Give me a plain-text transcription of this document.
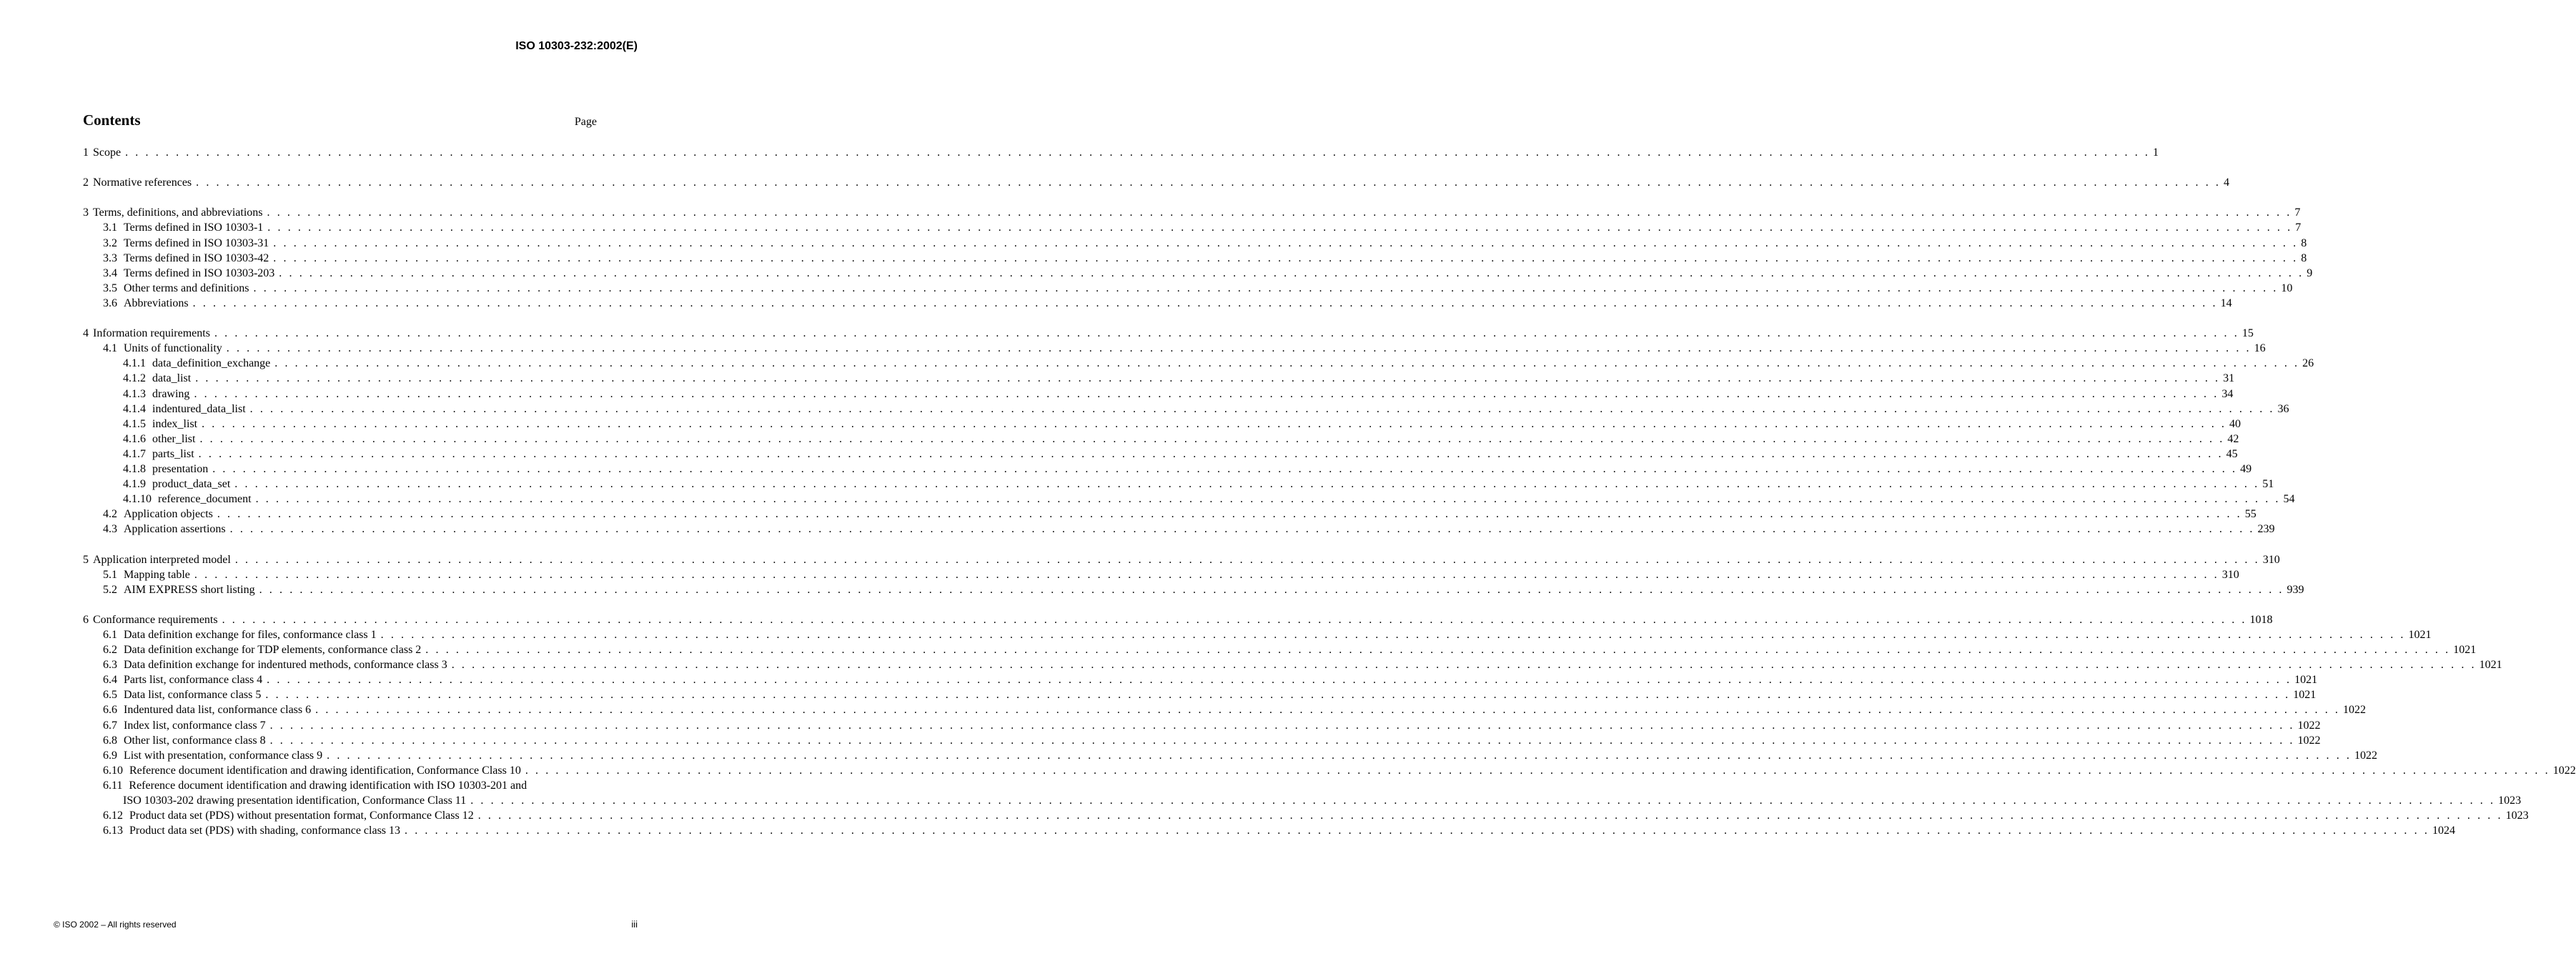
ISO 10303-232:2002(E)
Contents	Page
1 Scope . . . . . . . . . . . . . . . . . . . . . . . . . . . . . . . . . . . . . . . . . . . . . . . . . . . . . . . . . . . . . . . . . . . . . . . . . . . . . . . . . . . . . . . . . . . . . . . . . . . . . . . . . . . . . . . . . . . . . . . . . . . . . . . . . . . . . . . . . . . . . . . . . . . . . . . . . . . . . . . . . . . . . . . . . . . . . . . . . . . . . . . . . . . . . . . . . . . . . . . . 1
2 Normative references . . . . . . . . . . . . . . . . . . . . . . . . . . . . . . . . . . . . . . . . . . . . . . . . . . . . . . . . . . . . . . . . . . . . . . . . . . . . . . . . . . . . . . . . . . . . . . . . . . . . . . . . . . . . . . . . . . . . . . . . . . . . . . . . . . . . . . . . . . . . . . . . . . . . . . . . . . . . . . . . . . . . . . . . . . . . . . . . . . . . . . . . . . . . . . . . . . . . . . . . 4
3 Terms, definitions, and abbreviations . . . . . . . . . . . . . . . . . . . . . . . . . . . . . . . . . . . . . . . . . . . . . . . . . . . . . . . . . . . . . . . . . . . . . . . . . . . . . . . . . . . . . . . . . . . . . . . . . . . . . . . . . . . . . . . . . . . . . . . . . . . . . . . . . . . . . . . . . . . . . . . . . . . . . . . . . . . . . . . . . . . . . . . . . . . . . . . . . . . . . . . . . . . . . . . . . . . . . . . . 7
3.1 Terms defined in ISO 10303-1 . . . . . . . . . . . . . . . . . . . . . . . . . . . . . . . . . . . . . . . . . . . . . . . . . . . . . . . . . . . . . . . . . . . . . . . . . . . . . . . . . . . . . . . . . . . . . . . . . . . . . . . . . . . . . . . . . . . . . . . . . . . . . . . . . . . . . . . . . . . . . . . . . . . . . . . . . . . . . . . . . . . . . . . . . . . . . . . . . . . . . . . . . . . . . . . . . . . . . . . . 7
3.2 Terms defined in ISO 10303-31 . . . . . . . . . . . . . . . . . . . . . . . . . . . . . . . . . . . . . . . . . . . . . . . . . . . . . . . . . . . . . . . . . . . . . . . . . . . . . . . . . . . . . . . . . . . . . . . . . . . . . . . . . . . . . . . . . . . . . . . . . . . . . . . . . . . . . . . . . . . . . . . . . . . . . . . . . . . . . . . . . . . . . . . . . . . . . . . . . . . . . . . . . . . . . . . . . . . . . . . . 8
3.3 Terms defined in ISO 10303-42 . . . . . . . . . . . . . . . . . . . . . . . . . . . . . . . . . . . . . . . . . . . . . . . . . . . . . . . . . . . . . . . . . . . . . . . . . . . . . . . . . . . . . . . . . . . . . . . . . . . . . . . . . . . . . . . . . . . . . . . . . . . . . . . . . . . . . . . . . . . . . . . . . . . . . . . . . . . . . . . . . . . . . . . . . . . . . . . . . . . . . . . . . . . . . . . . . . . . . . . . 8
3.4 Terms defined in ISO 10303-203 . . . . . . . . . . . . . . . . . . . . . . . . . . . . . . . . . . . . . . . . . . . . . . . . . . . . . . . . . . . . . . . . . . . . . . . . . . . . . . . . . . . . . . . . . . . . . . . . . . . . . . . . . . . . . . . . . . . . . . . . . . . . . . . . . . . . . . . . . . . . . . . . . . . . . . . . . . . . . . . . . . . . . . . . . . . . . . . . . . . . . . . . . . . . . . . . . . . . . . . . 9
3.5 Other terms and definitions . . . . . . . . . . . . . . . . . . . . . . . . . . . . . . . . . . . . . . . . . . . . . . . . . . . . . . . . . . . . . . . . . . . . . . . . . . . . . . . . . . . . . . . . . . . . . . . . . . . . . . . . . . . . . . . . . . . . . . . . . . . . . . . . . . . . . . . . . . . . . . . . . . . . . . . . . . . . . . . . . . . . . . . . . . . . . . . . . . . . . . . . . . . . . . . . . . . . . . . . 10
3.6 Abbreviations . . . . . . . . . . . . . . . . . . . . . . . . . . . . . . . . . . . . . . . . . . . . . . . . . . . . . . . . . . . . . . . . . . . . . . . . . . . . . . . . . . . . . . . . . . . . . . . . . . . . . . . . . . . . . . . . . . . . . . . . . . . . . . . . . . . . . . . . . . . . . . . . . . . . . . . . . . . . . . . . . . . . . . . . . . . . . . . . . . . . . . . . . . . . . . . . . . . . . . . . 14
4 Information requirements . . . . . . . . . . . . . . . . . . . . . . . . . . . . . . . . . . . . . . . . . . . . . . . . . . . . . . . . . . . . . . . . . . . . . . . . . . . . . . . . . . . . . . . . . . . . . . . . . . . . . . . . . . . . . . . . . . . . . . . . . . . . . . . . . . . . . . . . . . . . . . . . . . . . . . . . . . . . . . . . . . . . . . . . . . . . . . . . . . . . . . . . . . . . . . . . . . . . . . . . 15
4.1 Units of functionality . . . . . . . . . . . . . . . . . . . . . . . . . . . . . . . . . . . . . . . . . . . . . . . . . . . . . . . . . . . . . . . . . . . . . . . . . . . . . . . . . . . . . . . . . . . . . . . . . . . . . . . . . . . . . . . . . . . . . . . . . . . . . . . . . . . . . . . . . . . . . . . . . . . . . . . . . . . . . . . . . . . . . . . . . . . . . . . . . . . . . . . . . . . . . . . . . . . . . . . . 16
4.1.1 data_definition_exchange . . . . . . . . . . . . . . . . . . . . . . . . . . . . . . . . . . . . . . . . . . . . . . . . . . . . . . . . . . . . . . . . . . . . . . . . . . . . . . . . . . . . . . . . . . . . . . . . . . . . . . . . . . . . . . . . . . . . . . . . . . . . . . . . . . . . . . . . . . . . . . . . . . . . . . . . . . . . . . . . . . . . . . . . . . . . . . . . . . . . . . . . . . . . . . . . . . . . . . . . 26
4.1.2 data_list . . . . . . . . . . . . . . . . . . . . . . . . . . . . . . . . . . . . . . . . . . . . . . . . . . . . . . . . . . . . . . . . . . . . . . . . . . . . . . . . . . . . . . . . . . . . . . . . . . . . . . . . . . . . . . . . . . . . . . . . . . . . . . . . . . . . . . . . . . . . . . . . . . . . . . . . . . . . . . . . . . . . . . . . . . . . . . . . . . . . . . . . . . . . . . . . . . . . . . . . 31
4.1.3 drawing . . . . . . . . . . . . . . . . . . . . . . . . . . . . . . . . . . . . . . . . . . . . . . . . . . . . . . . . . . . . . . . . . . . . . . . . . . . . . . . . . . . . . . . . . . . . . . . . . . . . . . . . . . . . . . . . . . . . . . . . . . . . . . . . . . . . . . . . . . . . . . . . . . . . . . . . . . . . . . . . . . . . . . . . . . . . . . . . . . . . . . . . . . . . . . . . . . . . . . . . 34
4.1.4 indentured_data_list . . . . . . . . . . . . . . . . . . . . . . . . . . . . . . . . . . . . . . . . . . . . . . . . . . . . . . . . . . . . . . . . . . . . . . . . . . . . . . . . . . . . . . . . . . . . . . . . . . . . . . . . . . . . . . . . . . . . . . . . . . . . . . . . . . . . . . . . . . . . . . . . . . . . . . . . . . . . . . . . . . . . . . . . . . . . . . . . . . . . . . . . . . . . . . . . . . . . . . . . 36
4.1.5 index_list . . . . . . . . . . . . . . . . . . . . . . . . . . . . . . . . . . . . . . . . . . . . . . . . . . . . . . . . . . . . . . . . . . . . . . . . . . . . . . . . . . . . . . . . . . . . . . . . . . . . . . . . . . . . . . . . . . . . . . . . . . . . . . . . . . . . . . . . . . . . . . . . . . . . . . . . . . . . . . . . . . . . . . . . . . . . . . . . . . . . . . . . . . . . . . . . . . . . . . . . 40
4.1.6 other_list . . . . . . . . . . . . . . . . . . . . . . . . . . . . . . . . . . . . . . . . . . . . . . . . . . . . . . . . . . . . . . . . . . . . . . . . . . . . . . . . . . . . . . . . . . . . . . . . . . . . . . . . . . . . . . . . . . . . . . . . . . . . . . . . . . . . . . . . . . . . . . . . . . . . . . . . . . . . . . . . . . . . . . . . . . . . . . . . . . . . . . . . . . . . . . . . . . . . . . . . 42
4.1.7 parts_list . . . . . . . . . . . . . . . . . . . . . . . . . . . . . . . . . . . . . . . . . . . . . . . . . . . . . . . . . . . . . . . . . . . . . . . . . . . . . . . . . . . . . . . . . . . . . . . . . . . . . . . . . . . . . . . . . . . . . . . . . . . . . . . . . . . . . . . . . . . . . . . . . . . . . . . . . . . . . . . . . . . . . . . . . . . . . . . . . . . . . . . . . . . . . . . . . . . . . . . . 45
4.1.8 presentation . . . . . . . . . . . . . . . . . . . . . . . . . . . . . . . . . . . . . . . . . . . . . . . . . . . . . . . . . . . . . . . . . . . . . . . . . . . . . . . . . . . . . . . . . . . . . . . . . . . . . . . . . . . . . . . . . . . . . . . . . . . . . . . . . . . . . . . . . . . . . . . . . . . . . . . . . . . . . . . . . . . . . . . . . . . . . . . . . . . . . . . . . . . . . . . . . . . . . . . . 49
4.1.9 product_data_set . . . . . . . . . . . . . . . . . . . . . . . . . . . . . . . . . . . . . . . . . . . . . . . . . . . . . . . . . . . . . . . . . . . . . . . . . . . . . . . . . . . . . . . . . . . . . . . . . . . . . . . . . . . . . . . . . . . . . . . . . . . . . . . . . . . . . . . . . . . . . . . . . . . . . . . . . . . . . . . . . . . . . . . . . . . . . . . . . . . . . . . . . . . . . . . . . . . . . . . . 51
4.1.10 reference_document . . . . . . . . . . . . . . . . . . . . . . . . . . . . . . . . . . . . . . . . . . . . . . . . . . . . . . . . . . . . . . . . . . . . . . . . . . . . . . . . . . . . . . . . . . . . . . . . . . . . . . . . . . . . . . . . . . . . . . . . . . . . . . . . . . . . . . . . . . . . . . . . . . . . . . . . . . . . . . . . . . . . . . . . . . . . . . . . . . . . . . . . . . . . . . . . . . . . . . . . 54
4.2 Application objects . . . . . . . . . . . . . . . . . . . . . . . . . . . . . . . . . . . . . . . . . . . . . . . . . . . . . . . . . . . . . . . . . . . . . . . . . . . . . . . . . . . . . . . . . . . . . . . . . . . . . . . . . . . . . . . . . . . . . . . . . . . . . . . . . . . . . . . . . . . . . . . . . . . . . . . . . . . . . . . . . . . . . . . . . . . . . . . . . . . . . . . . . . . . . . . . . . . . . . . . 55
4.3 Application assertions . . . . . . . . . . . . . . . . . . . . . . . . . . . . . . . . . . . . . . . . . . . . . . . . . . . . . . . . . . . . . . . . . . . . . . . . . . . . . . . . . . . . . . . . . . . . . . . . . . . . . . . . . . . . . . . . . . . . . . . . . . . . . . . . . . . . . . . . . . . . . . . . . . . . . . . . . . . . . . . . . . . . . . . . . . . . . . . . . . . . . . . . . . . . . . . . . . . . . . . . 239
5 Application interpreted model . . . . . . . . . . . . . . . . . . . . . . . . . . . . . . . . . . . . . . . . . . . . . . . . . . . . . . . . . . . . . . . . . . . . . . . . . . . . . . . . . . . . . . . . . . . . . . . . . . . . . . . . . . . . . . . . . . . . . . . . . . . . . . . . . . . . . . . . . . . . . . . . . . . . . . . . . . . . . . . . . . . . . . . . . . . . . . . . . . . . . . . . . . . . . . . . . . . . . . . . 310
5.1 Mapping table . . . . . . . . . . . . . . . . . . . . . . . . . . . . . . . . . . . . . . . . . . . . . . . . . . . . . . . . . . . . . . . . . . . . . . . . . . . . . . . . . . . . . . . . . . . . . . . . . . . . . . . . . . . . . . . . . . . . . . . . . . . . . . . . . . . . . . . . . . . . . . . . . . . . . . . . . . . . . . . . . . . . . . . . . . . . . . . . . . . . . . . . . . . . . . . . . . . . . . . . 310
5.2 AIM EXPRESS short listing . . . . . . . . . . . . . . . . . . . . . . . . . . . . . . . . . . . . . . . . . . . . . . . . . . . . . . . . . . . . . . . . . . . . . . . . . . . . . . . . . . . . . . . . . . . . . . . . . . . . . . . . . . . . . . . . . . . . . . . . . . . . . . . . . . . . . . . . . . . . . . . . . . . . . . . . . . . . . . . . . . . . . . . . . . . . . . . . . . . . . . . . . . . . . . . . . . . . . . . . 939
6 Conformance requirements . . . . . . . . . . . . . . . . . . . . . . . . . . . . . . . . . . . . . . . . . . . . . . . . . . . . . . . . . . . . . . . . . . . . . . . . . . . . . . . . . . . . . . . . . . . . . . . . . . . . . . . . . . . . . . . . . . . . . . . . . . . . . . . . . . . . . . . . . . . . . . . . . . . . . . . . . . . . . . . . . . . . . . . . . . . . . . . . . . . . . . . . . . . . . . . . . . . . . . . . 1018
6.1 Data definition exchange for files, conformance class 1 . . . . . . . . . . . . . . . . . . . . . . . . . . . . . . . . . . . . . . . . . . . . . . . . . . . . . . . . . . . . . . . . . . . . . . . . . . . . . . . . . . . . . . . . . . . . . . . . . . . . . . . . . . . . . . . . . . . . . . . . . . . . . . . . . . . . . . . . . . . . . . . . . . . . . . . . . . . . . . . . . . . . . . . . . . . . . . . . . . . . . . . . . . . . . . . . . . . . . . . . 1021
6.2 Data definition exchange for TDP elements, conformance class 2 . . . . . . . . . . . . . . . . . . . . . . . . . . . . . . . . . . . . . . . . . . . . . . . . . . . . . . . . . . . . . . . . . . . . . . . . . . . . . . . . . . . . . . . . . . . . . . . . . . . . . . . . . . . . . . . . . . . . . . . . . . . . . . . . . . . . . . . . . . . . . . . . . . . . . . . . . . . . . . . . . . . . . . . . . . . . . . . . . . . . . . . . . . . . . . . . . . . . . . . . 1021
6.3 Data definition exchange for indentured methods, conformance class 3 . . . . . . . . . . . . . . . . . . . . . . . . . . . . . . . . . . . . . . . . . . . . . . . . . . . . . . . . . . . . . . . . . . . . . . . . . . . . . . . . . . . . . . . . . . . . . . . . . . . . . . . . . . . . . . . . . . . . . . . . . . . . . . . . . . . . . . . . . . . . . . . . . . . . . . . . . . . . . . . . . . . . . . . . . . . . . . . . . . . . . . . . . . . . . . . . . . . . . . . . 1021
6.4 Parts list, conformance class 4 . . . . . . . . . . . . . . . . . . . . . . . . . . . . . . . . . . . . . . . . . . . . . . . . . . . . . . . . . . . . . . . . . . . . . . . . . . . . . . . . . . . . . . . . . . . . . . . . . . . . . . . . . . . . . . . . . . . . . . . . . . . . . . . . . . . . . . . . . . . . . . . . . . . . . . . . . . . . . . . . . . . . . . . . . . . . . . . . . . . . . . . . . . . . . . . . . . . . . . . . 1021
6.5 Data list, conformance class 5 . . . . . . . . . . . . . . . . . . . . . . . . . . . . . . . . . . . . . . . . . . . . . . . . . . . . . . . . . . . . . . . . . . . . . . . . . . . . . . . . . . . . . . . . . . . . . . . . . . . . . . . . . . . . . . . . . . . . . . . . . . . . . . . . . . . . . . . . . . . . . . . . . . . . . . . . . . . . . . . . . . . . . . . . . . . . . . . . . . . . . . . . . . . . . . . . . . . . . . . . 1021
6.6 Indentured data list, conformance class 6 . . . . . . . . . . . . . . . . . . . . . . . . . . . . . . . . . . . . . . . . . . . . . . . . . . . . . . . . . . . . . . . . . . . . . . . . . . . . . . . . . . . . . . . . . . . . . . . . . . . . . . . . . . . . . . . . . . . . . . . . . . . . . . . . . . . . . . . . . . . . . . . . . . . . . . . . . . . . . . . . . . . . . . . . . . . . . . . . . . . . . . . . . . . . . . . . . . . . . . . . 1022
6.7 Index list, conformance class 7 . . . . . . . . . . . . . . . . . . . . . . . . . . . . . . . . . . . . . . . . . . . . . . . . . . . . . . . . . . . . . . . . . . . . . . . . . . . . . . . . . . . . . . . . . . . . . . . . . . . . . . . . . . . . . . . . . . . . . . . . . . . . . . . . . . . . . . . . . . . . . . . . . . . . . . . . . . . . . . . . . . . . . . . . . . . . . . . . . . . . . . . . . . . . . . . . . . . . . . . . 1022
6.8 Other list, conformance class 8 . . . . . . . . . . . . . . . . . . . . . . . . . . . . . . . . . . . . . . . . . . . . . . . . . . . . . . . . . . . . . . . . . . . . . . . . . . . . . . . . . . . . . . . . . . . . . . . . . . . . . . . . . . . . . . . . . . . . . . . . . . . . . . . . . . . . . . . . . . . . . . . . . . . . . . . . . . . . . . . . . . . . . . . . . . . . . . . . . . . . . . . . . . . . . . . . . . . . . . . . 1022
6.9 List with presentation, conformance class 9 . . . . . . . . . . . . . . . . . . . . . . . . . . . . . . . . . . . . . . . . . . . . . . . . . . . . . . . . . . . . . . . . . . . . . . . . . . . . . . . . . . . . . . . . . . . . . . . . . . . . . . . . . . . . . . . . . . . . . . . . . . . . . . . . . . . . . . . . . . . . . . . . . . . . . . . . . . . . . . . . . . . . . . . . . . . . . . . . . . . . . . . . . . . . . . . . . . . . . . . . 1022
6.10 Reference document identification and drawing identification, Conformance Class 10 . . . . . . . . . . . . . . . . . . . . . . . . . . . . . . . . . . . . . . . . . . . . . . . . . . . . . . . . . . . . . . . . . . . . . . . . . . . . . . . . . . . . . . . . . . . . . . . . . . . . . . . . . . . . . . . . . . . . . . . . . . . . . . . . . . . . . . . . . . . . . . . . . . . . . . . . . . . . . . . . . . . . . . . . . . . . . . . . . . . . . . . . . . . . . . . . . . . . . . . . 1022
6.11 Reference document identification and drawing identification with ISO 10303-201 and
ISO 10303-202 drawing presentation identification, Conformance Class 11 . . . . . . . . . . . . . . . . . . . . . . . . . . . . . . . . . . . . . . . . . . . . . . . . . . . . . . . . . . . . . . . . . . . . . . . . . . . . . . . . . . . . . . . . . . . . . . . . . . . . . . . . . . . . . . . . . . . . . . . . . . . . . . . . . . . . . . . . . . . . . . . . . . . . . . . . . . . . . . . . . . . . . . . . . . . . . . . . . . . . . . . . . . . . . . . . . . . . . . . . 1023
6.12 Product data set (PDS) without presentation format, Conformance Class 12 . . . . . . . . . . . . . . . . . . . . . . . . . . . . . . . . . . . . . . . . . . . . . . . . . . . . . . . . . . . . . . . . . . . . . . . . . . . . . . . . . . . . . . . . . . . . . . . . . . . . . . . . . . . . . . . . . . . . . . . . . . . . . . . . . . . . . . . . . . . . . . . . . . . . . . . . . . . . . . . . . . . . . . . . . . . . . . . . . . . . . . . . . . . . . . . . . . . . . . . . 1023
6.13 Product data set (PDS) with shading, conformance class 13 . . . . . . . . . . . . . . . . . . . . . . . . . . . . . . . . . . . . . . . . . . . . . . . . . . . . . . . . . . . . . . . . . . . . . . . . . . . . . . . . . . . . . . . . . . . . . . . . . . . . . . . . . . . . . . . . . . . . . . . . . . . . . . . . . . . . . . . . . . . . . . . . . . . . . . . . . . . . . . . . . . . . . . . . . . . . . . . . . . . . . . . . . . . . . . . . . . . . . . . . 1024
© ISO 2002 – All rights reserved	iii
